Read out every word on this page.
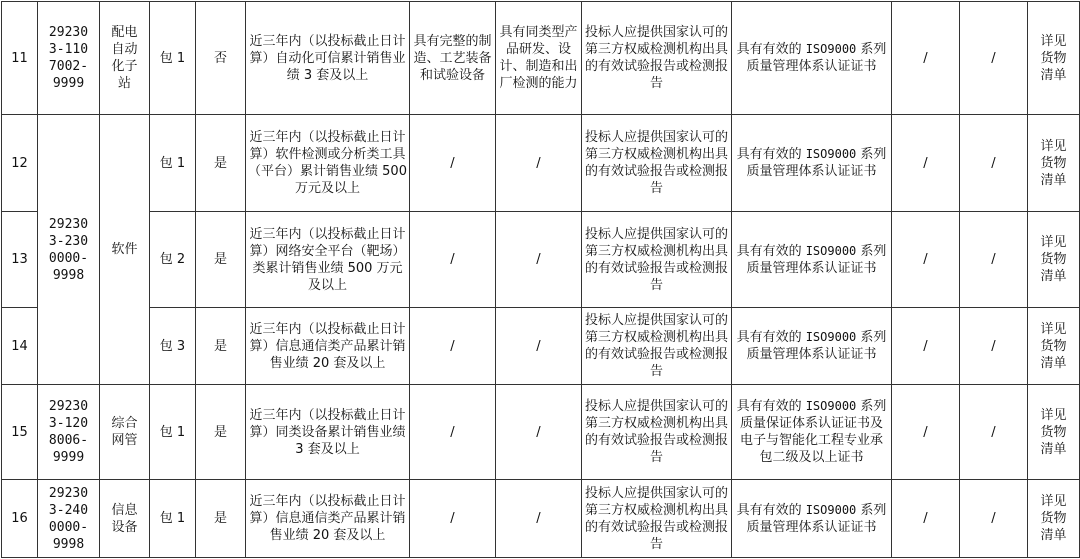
11	29230
3-110
7002-
9999	配电
自动
化子
站	包 1	否	近三年内（以投标截止日计算）自动化可信累计销售业绩 3 套及以上	具有完整的制造、工艺装备和试验设备	具有同类型产品研发、设计、制造和出厂检测的能力	投标人应提供国家认可的第三方权威检测机构出具的有效试验报告或检测报告	具有有效的 ISO9000 系列质量管理体系认证证书	/	/	详见
货物
清单
12	29230
3-230
0000-
9998	软件	包 1	是	近三年内（以投标截止日计算）软件检测或分析类工具（平台）累计销售业绩 500 万元及以上	/	/	投标人应提供国家认可的第三方权威检测机构出具的有效试验报告或检测报告	具有有效的 ISO9000 系列质量管理体系认证证书	/	/	详见
货物
清单
13			包 2	是	近三年内（以投标截止日计算）网络安全平台（靶场）类累计销售业绩 500 万元及以上	/	/	投标人应提供国家认可的第三方权威检测机构出具的有效试验报告或检测报告	具有有效的 ISO9000 系列质量管理体系认证证书	/	/	详见
货物
清单
14			包 3	是	近三年内（以投标截止日计算）信息通信类产品累计销售业绩 20 套及以上	/	/	投标人应提供国家认可的第三方权威检测机构出具的有效试验报告或检测报告	具有有效的 ISO9000 系列质量管理体系认证证书	/	/	详见
货物
清单
15	29230
3-120
8006-
9999	综合
网管	包 1	是	近三年内（以投标截止日计算）同类设备累计销售业绩 3 套及以上	/	/	投标人应提供国家认可的第三方权威检测机构出具的有效试验报告或检测报告	具有有效的 ISO9000 系列质量保证体系认证证书及电子与智能化工程专业承包二级及以上证书	/	/	详见
货物
清单
16	29230
3-240
0000-
9998	信息
设备	包 1	是	近三年内（以投标截止日计算）信息通信类产品累计销售业绩 20 套及以上	/	/	投标人应提供国家认可的第三方权威检测机构出具的有效试验报告或检测报告	具有有效的 ISO9000 系列质量管理体系认证证书	/	/	详见
货物
清单
